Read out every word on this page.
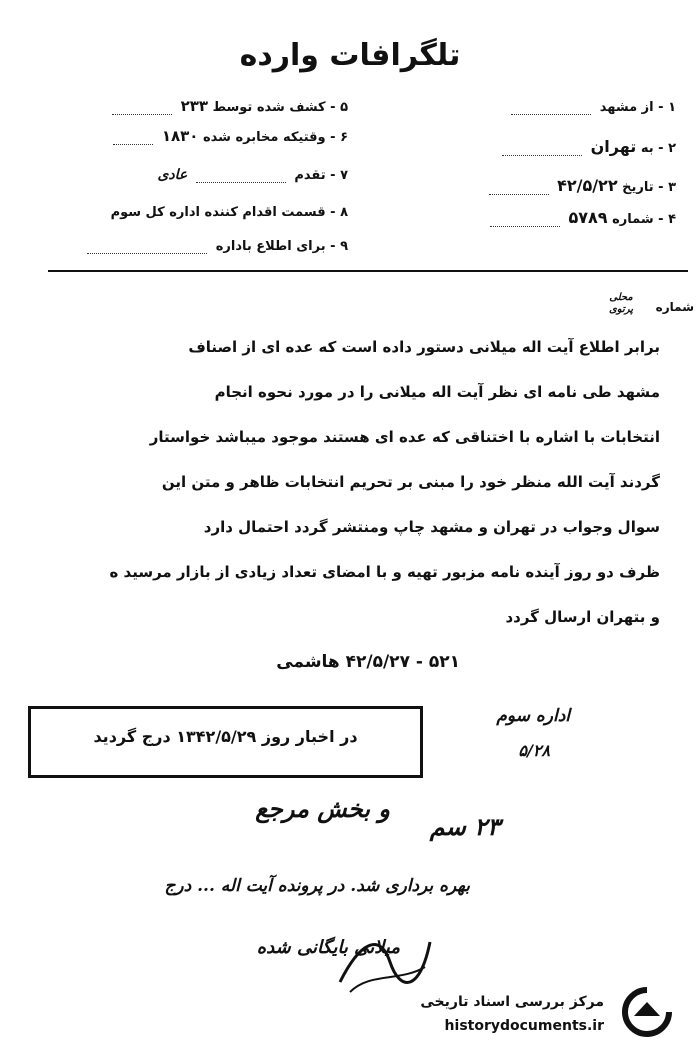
تلگرافات وارده
۱ - از مشهد
۲ - به تهران
۳ - تاریخ ۴۲/۵/۲۲
۴ - شماره ۵۷۸۹
۵ - کشف شده توسط ۲۳۳
۶ - وقتیکه مخابره شده ۱۸۳۰
۷ - تقدم  عادی
۸ - قسمت اقدام کننده اداره کل سوم
۹ - برای اطلاع باداره
شماره
محلی پرتوی
برابر اطلاع آیت اله میلانی دستور داده است که عده ای از اصناف
مشهد طی نامه ای نظر آیت اله میلانی را در مورد نحوه انجام
انتخابات با اشاره با اختناقی که عده ای هستند موجود میباشد خواستار
گردند آیت الله منظر خود را مبنی بر تحریم انتخابات ظاهر و متن این
سوال وجواب در تهران و مشهد چاپ ومنتشر گردد احتمال دارد
ظرف دو روز آینده نامه مزبور تهیه و با امضای تعداد زیادی از بازار مرسید ه
و بتهران ارسال گردد
۵۲۱ - ۴۲/۵/۲۷ هاشمی
در اخبار روز ۱۳۴۲/۵/۲۹ درج گردید
اداره سوم
۵/۲۸
و بخش مرجع
۲۳ سم
بهره برداری شد. در پرونده آیت اله ... درج
میلانی بایگانی شده
مرکز بررسی اسناد تاریخی
historydocuments.ir
